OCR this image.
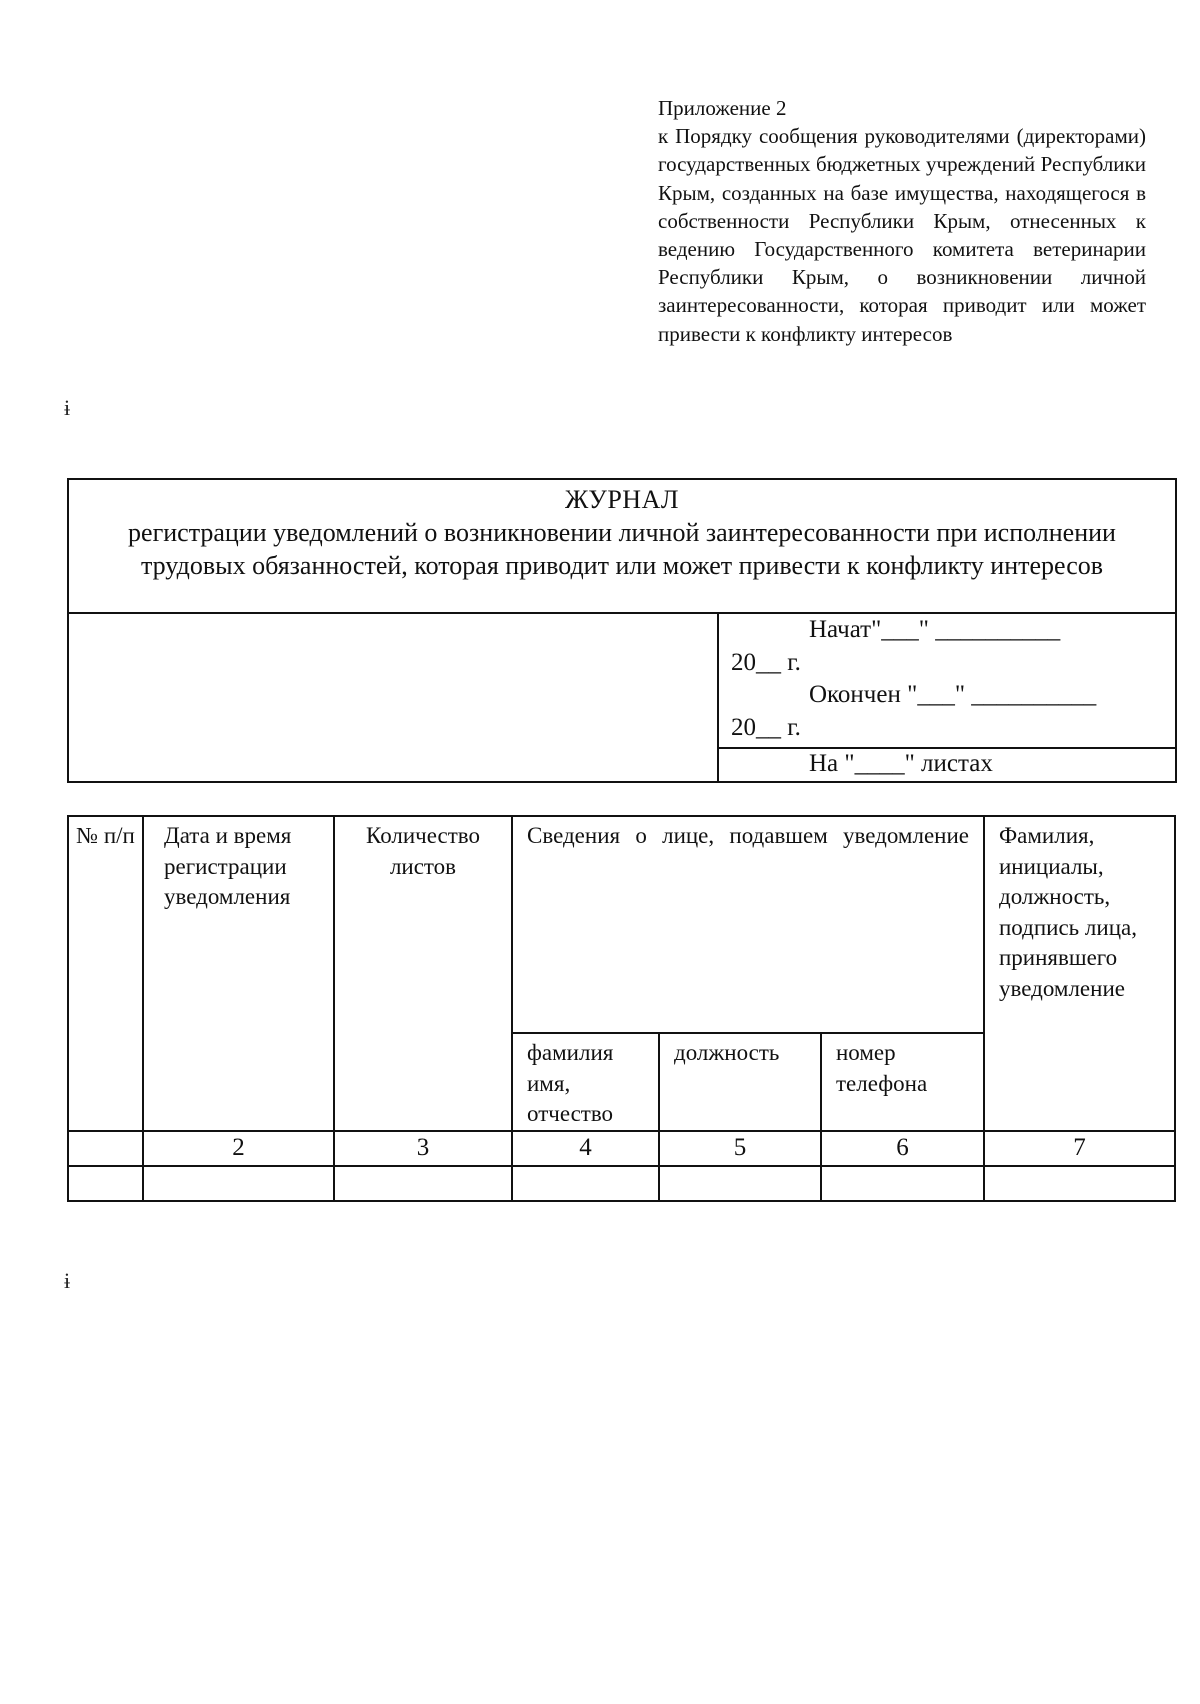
Приложение 2
к Порядку сообщения руководителями (директорами) государственных бюджетных учреждений Республики Крым, созданных на базе имущества, находящегося в собственности Республики Крым, отнесенных к ведению Государственного комитета ветеринарии Республики Крым, о возникновении личной заинтересованности, которая приводит или может привести к конфликту интересов
ɨ
ɨ
ЖУРНАЛ
регистрации уведомлений о возникновении личной заинтересованности при исполнении трудовых обязанностей, которая приводит или может привести к конфликту интересов
Начат"___" __________
20__ г.
Окончен "___" __________
20__ г.
На "____" листах
№ п/п	Дата и время регистрации уведомления	Количество листов	Сведения о лице, подавшем уведомление			Фамилия, инициалы, должность, подпись лица, принявшего уведомление
			фамилия имя, отчество	должность	номер телефона	
	2	3	4	5	6	7
